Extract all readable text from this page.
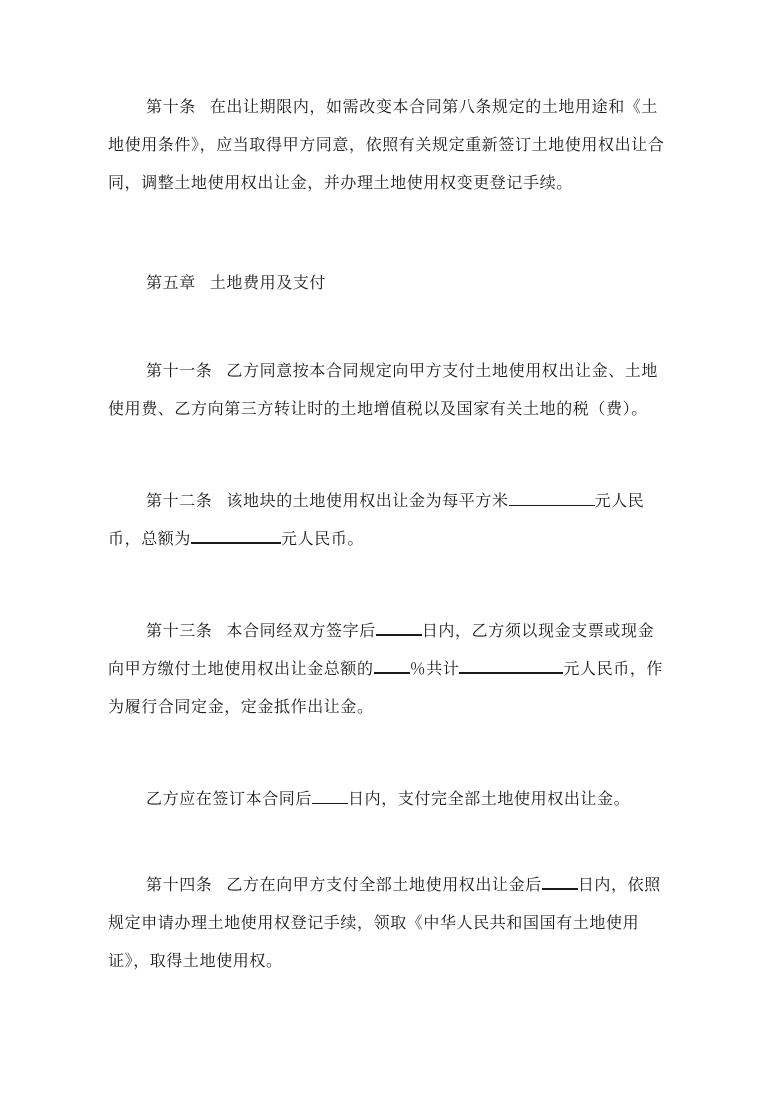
第十条 在出让期限内，如需改变本合同第八条规定的土地用途和《土地使用条件》，应当取得甲方同意，依照有关规定重新签订土地使用权出让合同，调整土地使用权出让金，并办理土地使用权变更登记手续。

第五章 土地费用及支付

第十一条 乙方同意按本合同规定向甲方支付土地使用权出让金、土地使用费、乙方向第三方转让时的土地增值税以及国家有关土地的税（费）。

第十二条 该地块的土地使用权出让金为每平方米	元人民币，总额为	元人民币。

第十三条 本合同经双方签字后	日内，乙方须以现金支票或现金向甲方缴付土地使用权出让金总额的 ％共计	元人民币，作为履行合同定金，定金抵作出让金。

乙方应在签订本合同后 日内，支付完全部土地使用权出让金。

第十四条 乙方在向甲方支付全部土地使用权出让金后 日内，依照规定申请办理土地使用权登记手续，领取《中华人民共和国国有土地使用证》，取得土地使用权。
